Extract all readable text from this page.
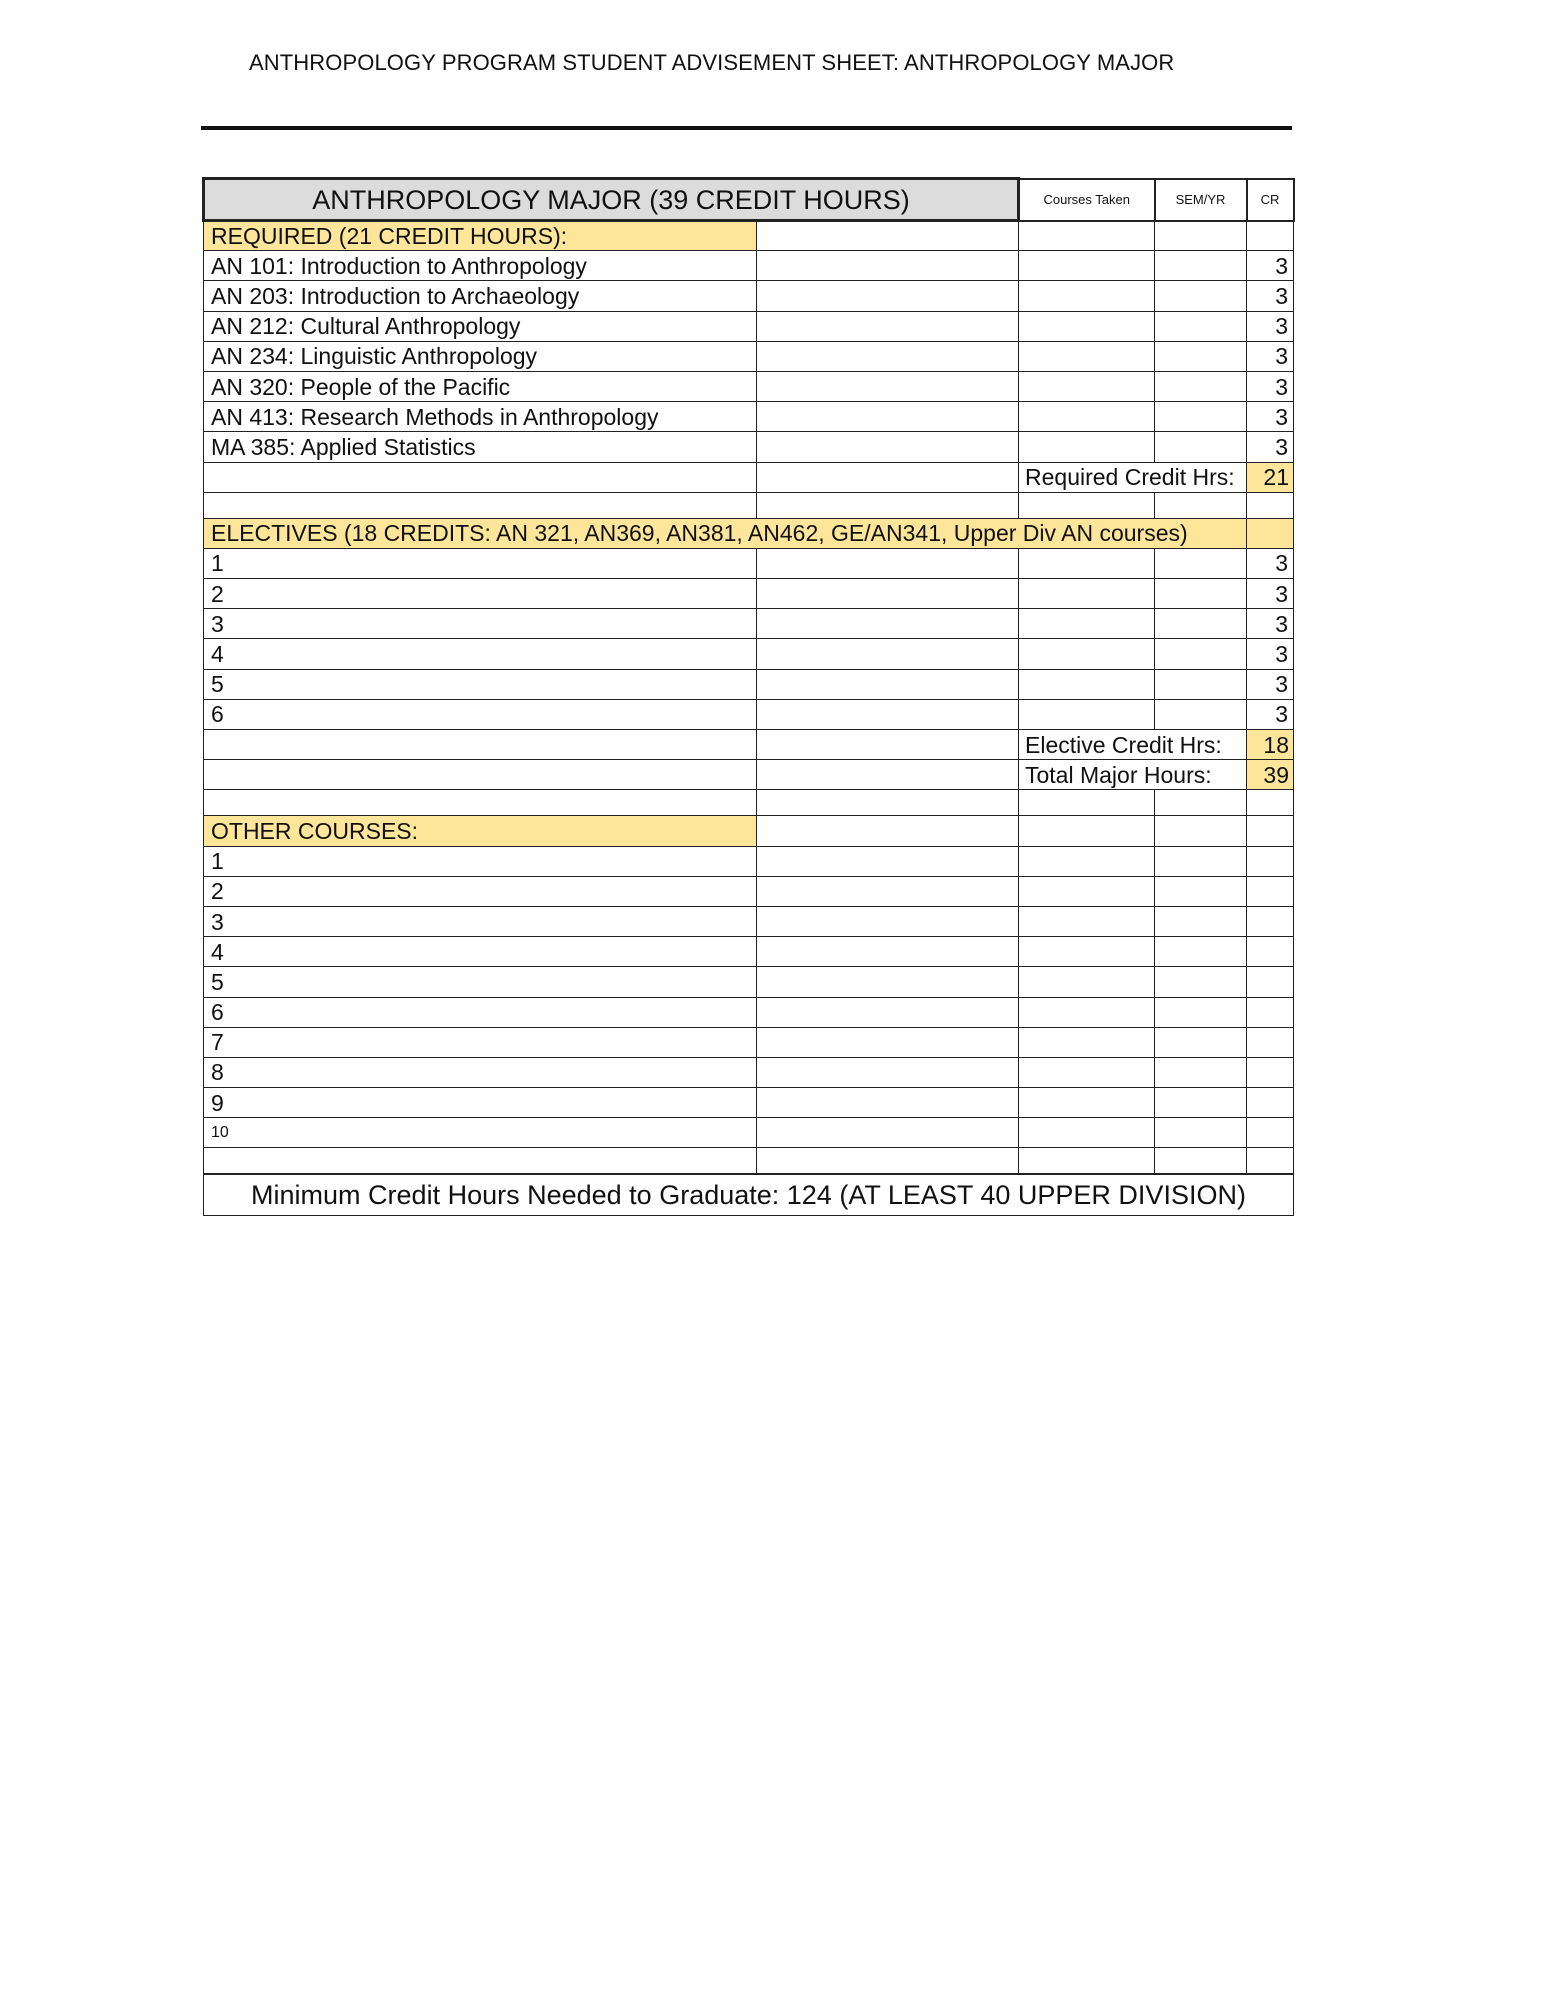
ANTHROPOLOGY PROGRAM STUDENT ADVISEMENT SHEET: ANTHROPOLOGY MAJOR
ANTHROPOLOGY MAJOR (39 CREDIT HOURS)		Courses Taken	SEM/YR	CR
REQUIRED (21 CREDIT HOURS):				
AN 101: Introduction to Anthropology				3
AN 203: Introduction to Archaeology				3
AN 212: Cultural Anthropology				3
AN 234: Linguistic Anthropology				3
AN 320: People of the Pacific				3
AN 413: Research Methods in Anthropology				3
MA 385: Applied Statistics				3
		Required Credit Hrs:		21

ELECTIVES (18 CREDITS: AN 321, AN369, AN381, AN462, GE/AN341, Upper Div AN courses)				
1				3
2				3
3				3
4				3
5				3
6				3
		Elective Credit Hrs:		18
		Total Major Hours:		39

OTHER COURSES:				
1				
2				
3				
4				
5				
6				
7				
8				
9				
10				

Minimum Credit Hours Needed to Graduate: 124 (AT LEAST 40 UPPER DIVISION)				
